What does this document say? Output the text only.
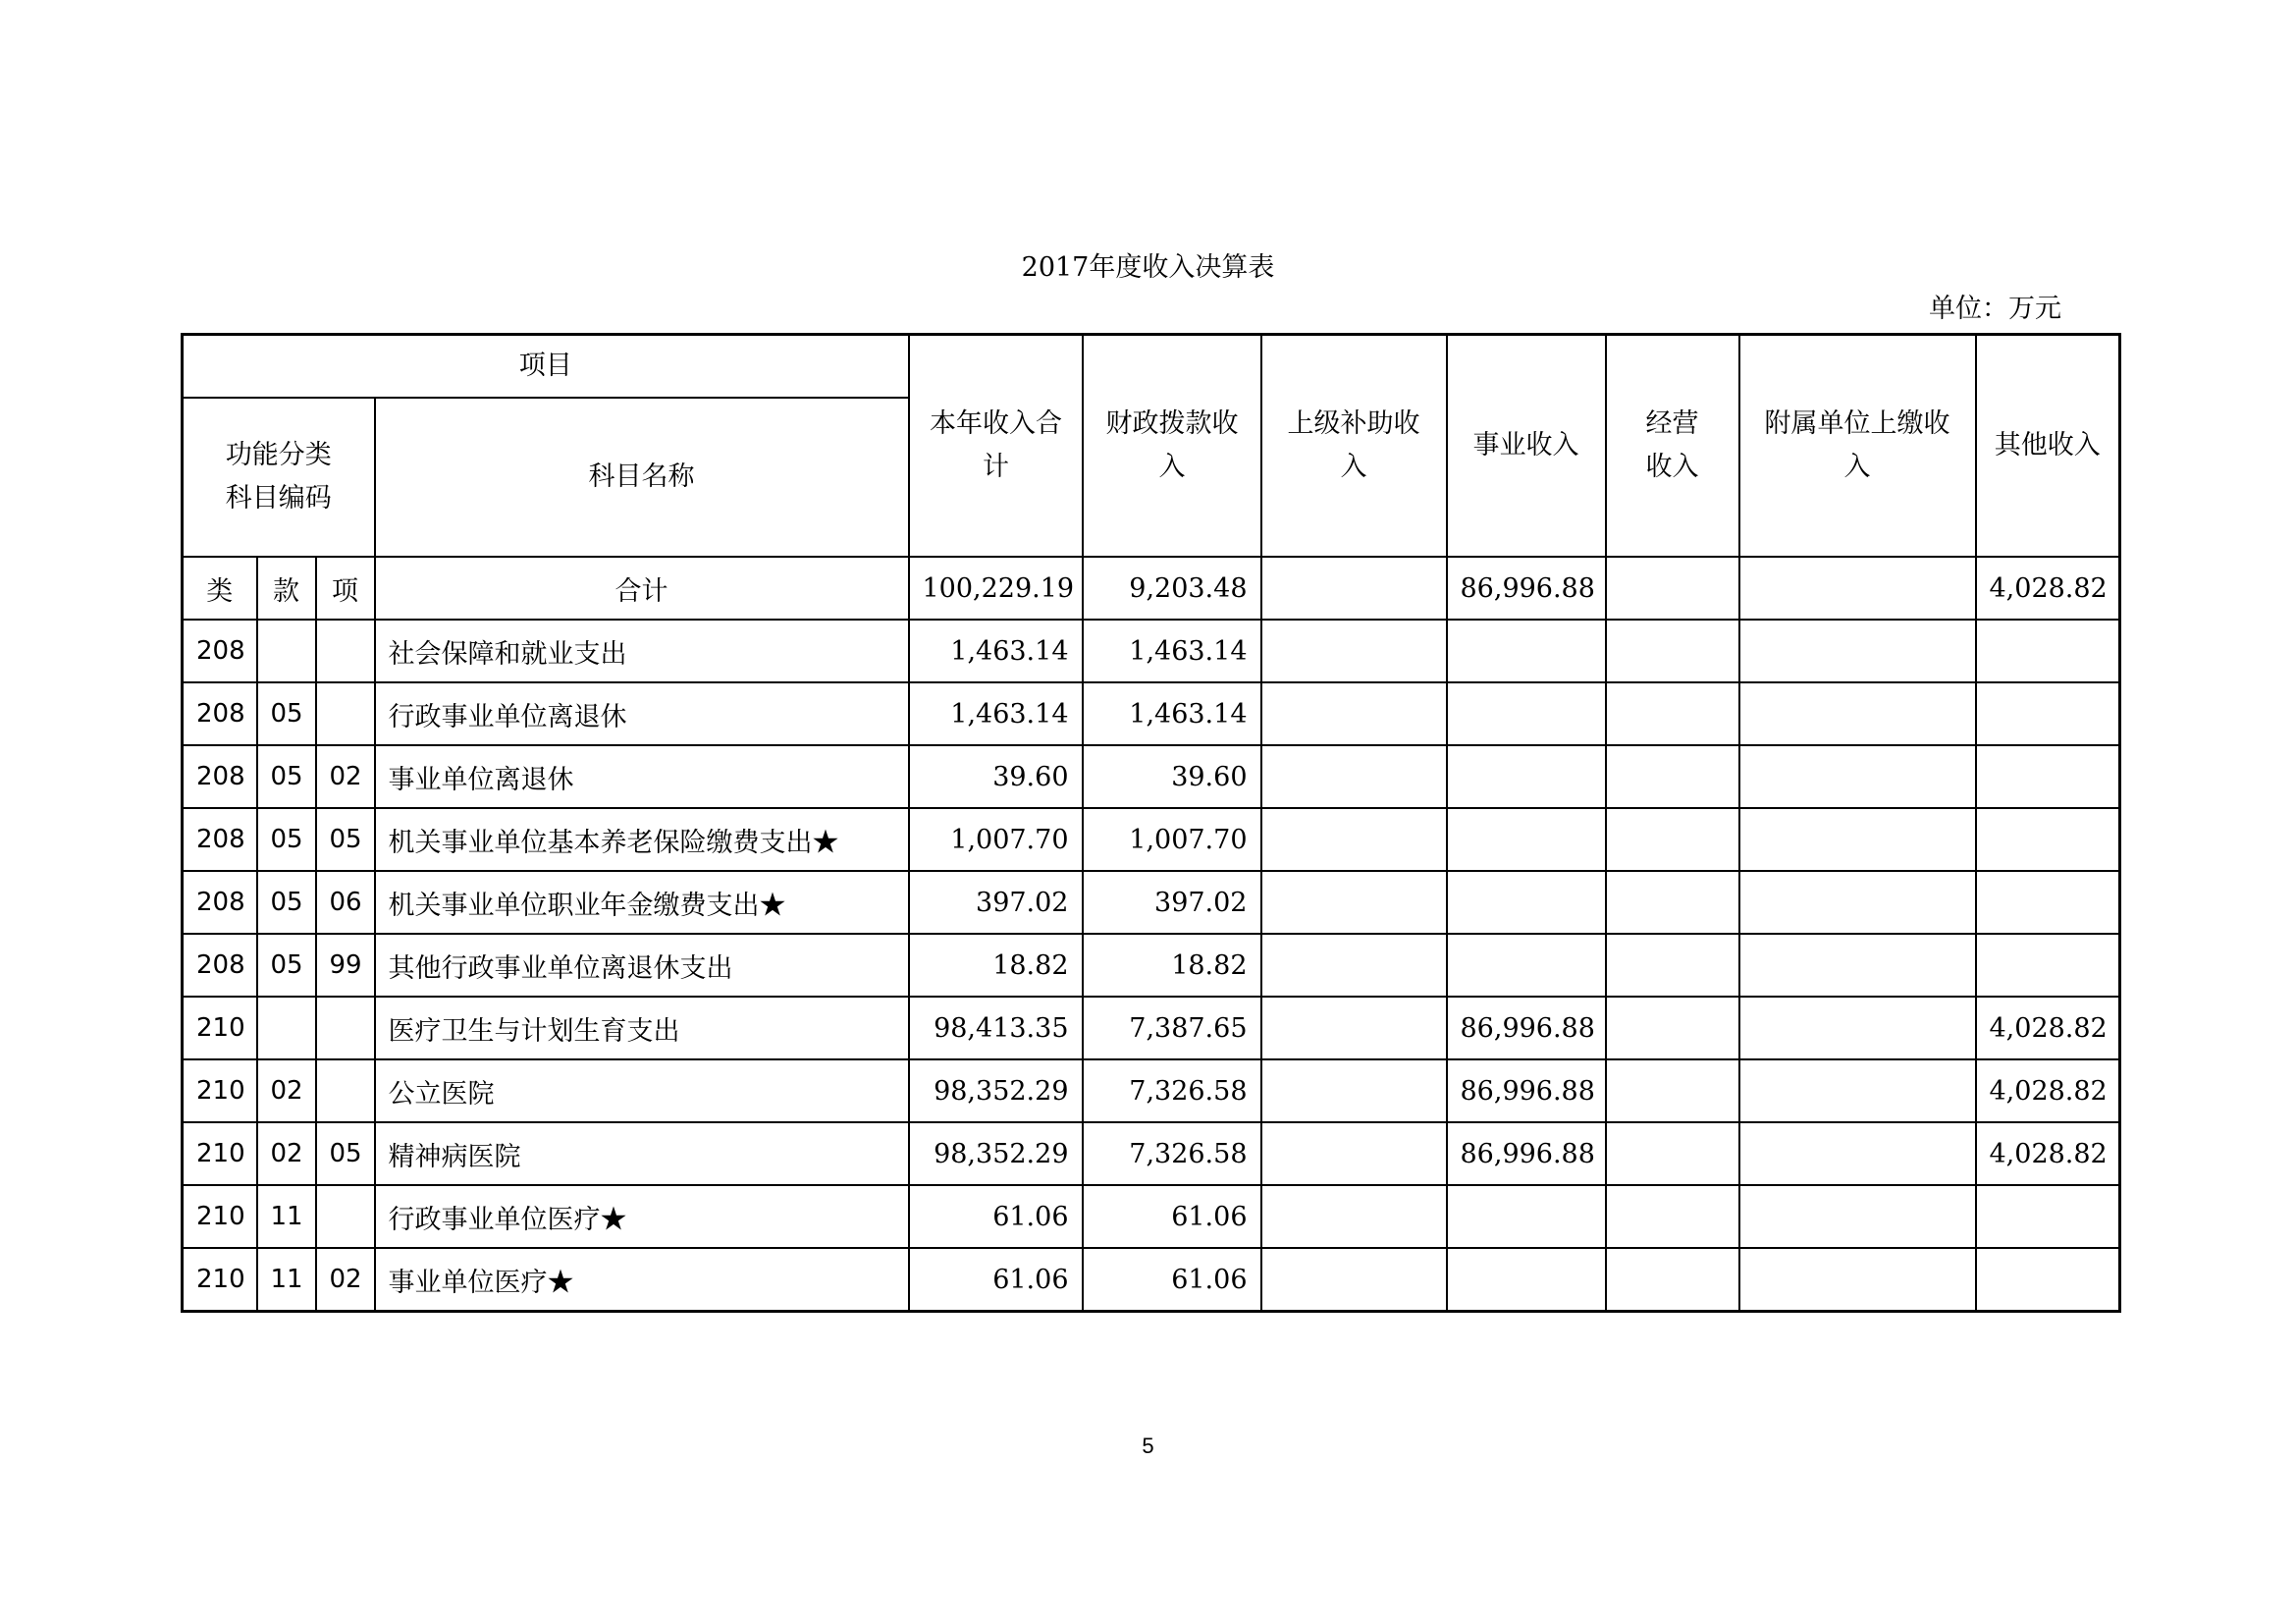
2017年度收入决算表
单位：万元
项目				本年收入合计	财政拨款收入	上级补助收入	事业收入	经营收入	附属单位上缴收入	其他收入
功能分类
科目编码			科目名称							
类	款	项	合计	100,229.19	9,203.48		86,996.88			4,028.82
208			社会保障和就业支出	1,463.14	1,463.14					
208	05		行政事业单位离退休	1,463.14	1,463.14					
208	05	02	事业单位离退休	39.60	39.60					
208	05	05	机关事业单位基本养老保险缴费支出★	1,007.70	1,007.70					
208	05	06	机关事业单位职业年金缴费支出★	397.02	397.02					
208	05	99	其他行政事业单位离退休支出	18.82	18.82					
210			医疗卫生与计划生育支出	98,413.35	7,387.65		86,996.88			4,028.82
210	02		公立医院	98,352.29	7,326.58		86,996.88			4,028.82
210	02	05	精神病医院	98,352.29	7,326.58		86,996.88			4,028.82
210	11		行政事业单位医疗★	61.06	61.06					
210	11	02	事业单位医疗★	61.06	61.06					
5
